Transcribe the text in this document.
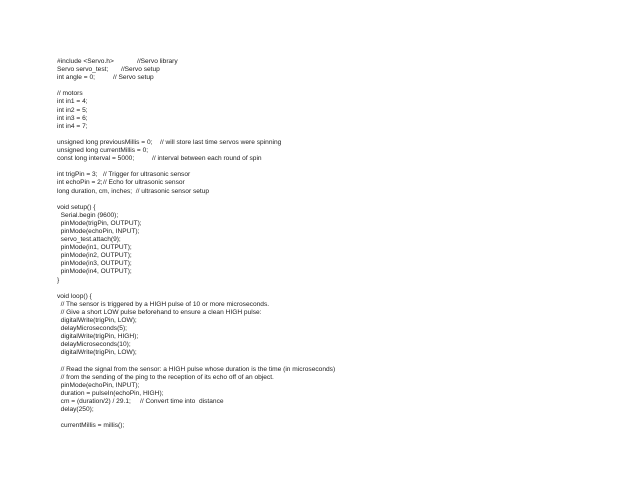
#include <Servo.h>	//Servo library
Servo servo_test; //Servo setup
int angle = 0;	// Servo setup
// motors
int in1 = 4;
int in2 = 5;
int in3 = 6;
int in4 = 7;
unsigned long previousMillis = 0; // will store last time servos were spinning
unsigned long currentMillis = 0;
const long interval = 5000;	// interval between each round of spin
int trigPin = 3; // Trigger for ultrasonic sensor
int echoPin = 2; // Echo for ultrasonic sensor
long duration, cm, inches;  // ultrasonic sensor setup
void setup() {
Serial.begin (9600);
pinMode(trigPin, OUTPUT);
pinMode(echoPin, INPUT);
servo_test.attach(9);
pinMode(in1, OUTPUT);
pinMode(in2, OUTPUT);
pinMode(in3, OUTPUT);
pinMode(in4, OUTPUT);
}
void loop() {
// The sensor is triggered by a HIGH pulse of 10 or more microseconds.
// Give a short LOW pulse beforehand to ensure a clean HIGH pulse:
digitalWrite(trigPin, LOW);
delayMicroseconds(5);
digitalWrite(trigPin, HIGH);
delayMicroseconds(10);
digitalWrite(trigPin, LOW);
// Read the signal from the sensor: a HIGH pulse whose duration is the time (in microseconds)
// from the sending of the ping to the reception of its echo off of an object.
pinMode(echoPin, INPUT);
duration = pulseIn(echoPin, HIGH);
cm = (duration/2) / 29.1;     // Convert time into  distance
delay(250);
currentMillis = millis();
